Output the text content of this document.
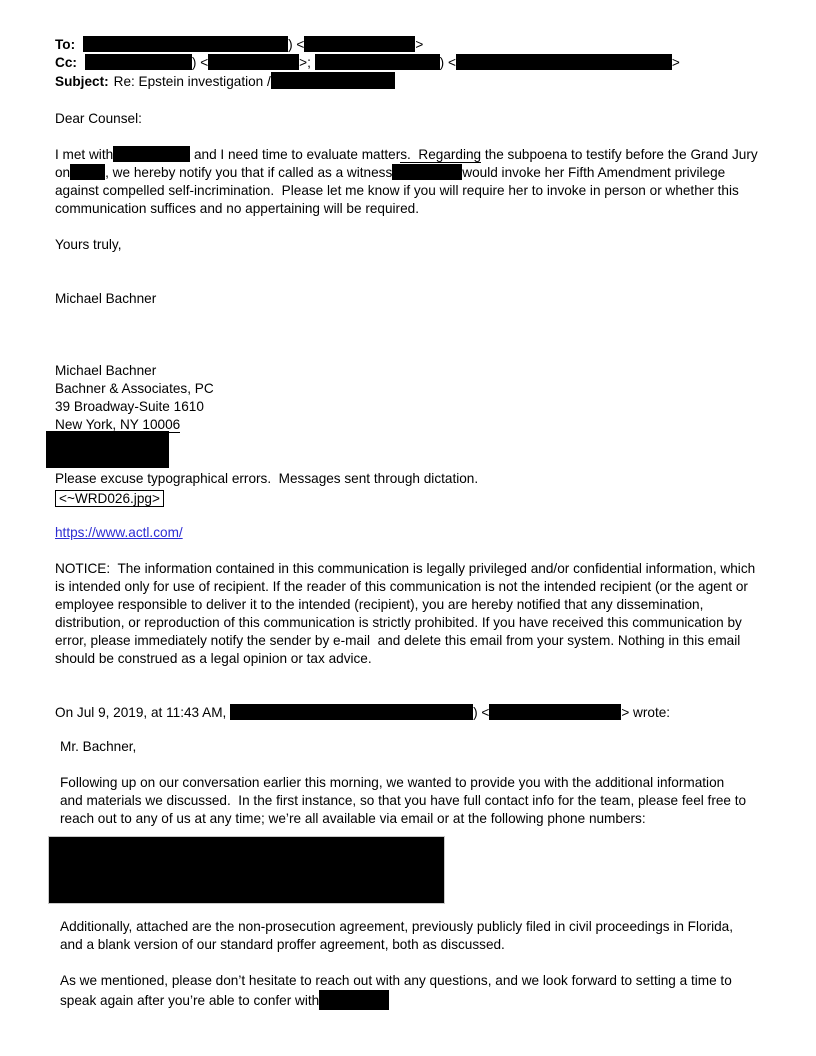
To:	) <	>
Cc:	) <	>;	) <	>
Subject: Re: Epstein investigation /
Dear Counsel:
I met with	and I need time to evaluate matters.  Regarding the subpoena to testify before the Grand Jury
on	, we hereby notify you that if called as a witness	would invoke her Fifth Amendment privilege
against compelled self-incrimination.  Please let me know if you will require her to invoke in person or whether this
communication suffices and no appertaining will be required.
Yours truly,
Michael Bachner
Michael Bachner
Bachner & Associates, PC
39 Broadway-Suite 1610
New York, NY 10006
Please excuse typographical errors.  Messages sent through dictation.
<~WRD026.jpg>
https://www.actl.com/
NOTICE:  The information contained in this communication is legally privileged and/or confidential information, which
is intended only for use of recipient. If the reader of this communication is not the intended recipient (or the agent or
employee responsible to deliver it to the intended (recipient), you are hereby notified that any dissemination,
distribution, or reproduction of this communication is strictly prohibited. If you have received this communication by
error, please immediately notify the sender by e-mail  and delete this email from your system. Nothing in this email
should be construed as a legal opinion or tax advice.
On Jul 9, 2019, at 11:43 AM,	) <	> wrote:
Mr. Bachner,
Following up on our conversation earlier this morning, we wanted to provide you with the additional information
and materials we discussed.  In the first instance, so that you have full contact info for the team, please feel free to
reach out to any of us at any time; we’re all available via email or at the following phone numbers:
Additionally, attached are the non-prosecution agreement, previously publicly filed in civil proceedings in Florida,
and a blank version of our standard proffer agreement, both as discussed.
As we mentioned, please don’t hesitate to reach out with any questions, and we look forward to setting a time to
speak again after you’re able to confer with
